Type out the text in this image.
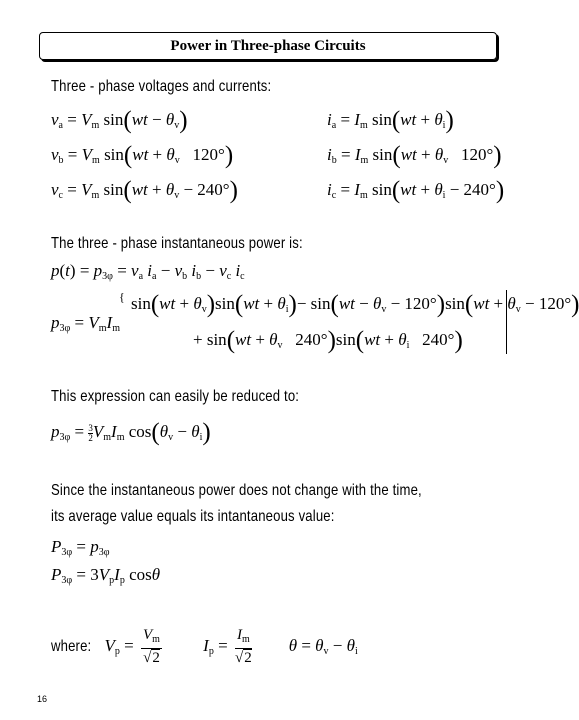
Power in Three-phase Circuits
Three - phase voltages and currents:
$v_a = V_m$ $\sin(wt - \theta_v)$
$v_b = V_m$ $\sin(wt + \theta_v$   120°)
$v_c = V_m$ $\sin(wt + \theta_v - 240^\circ)$
$i_a = I_m$ $\sin(wt + \theta_i)$
$i_b = I_m$ $\sin(wt + \theta_v$   120°)
$i_c = I_m$ $\sin(wt + \theta_i - 240^\circ)$
The three - phase instantaneous power is:
$p(t) = p_{3\varphi} = v_a$ $i_a - v_b$ $i_b - v_c$ $i_c$
$p_{3\varphi} = V_mI_m$
{ $\sin(wt + \theta_v)\sin(wt + \theta_i)- \sin(wt - \theta_v - 120^\circ)\sin(wt + \theta_v - 120^\circ)$
+ $\sin(wt + \theta_v$   $240^\circ)\sin(wt + \theta_i$   240°)
This expression can easily be reduced to:
$p_{3\varphi} = \frac{3}{2}V_mI_m$ $\cos(\theta_v - \theta_i)$
Since the instantaneous power does not change with the time,
its average value equals its intantaneous value:
$P_{3\varphi} = p_{3\varphi}$
$P_{3\varphi} = 3V_pI_p$ cosθ
where: $V_p = \frac{V_m}{√2} I_p = \frac{I_m}{√2}$ $\theta = \theta_v - \theta_i$
16
